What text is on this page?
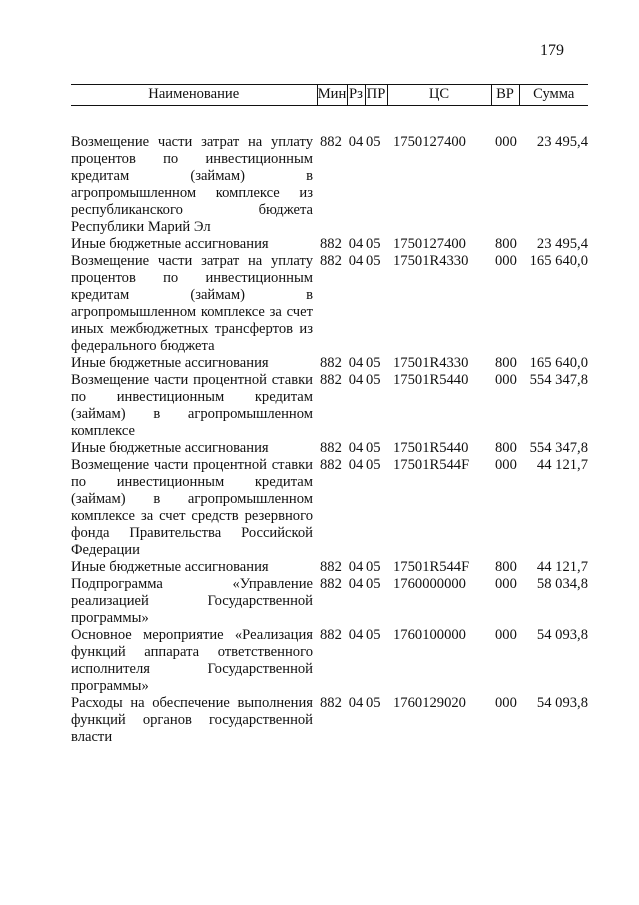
179
Наименование	Мин	Рз	ПР	ЦС	ВР	Сумма
Возмещение части затрат на уплату процентов по инвестиционным кредитам (займам) в агропромышленном комплексе из республиканского бюджета Республики Марий Эл	882	04	05	1750127400	000	23 495,4
Иные бюджетные ассигнования	882	04	05	1750127400	800	23 495,4
Возмещение части затрат на уплату процентов по инвестиционным кредитам (займам) в агропромышленном комплексе за счет иных межбюджетных трансфертов из федерального бюджета	882	04	05	17501R4330	000	165 640,0
Иные бюджетные ассигнования	882	04	05	17501R4330	800	165 640,0
Возмещение части процентной ставки по инвестиционным кредитам (займам) в агропромышленном комплексе	882	04	05	17501R5440	000	554 347,8
Иные бюджетные ассигнования	882	04	05	17501R5440	800	554 347,8
Возмещение части процентной ставки по инвестиционным кредитам (займам) в агропромышленном комплексе за счет средств резервного фонда Правительства Российской Федерации	882	04	05	17501R544F	000	44 121,7
Иные бюджетные ассигнования	882	04	05	17501R544F	800	44 121,7
Подпрограмма «Управление реализацией Государственной программы»	882	04	05	1760000000	000	58 034,8
Основное мероприятие «Реализация функций аппарата ответственного исполнителя Государственной программы»	882	04	05	1760100000	000	54 093,8
Расходы на обеспечение выполнения функций органов государственной власти	882	04	05	1760129020	000	54 093,8
